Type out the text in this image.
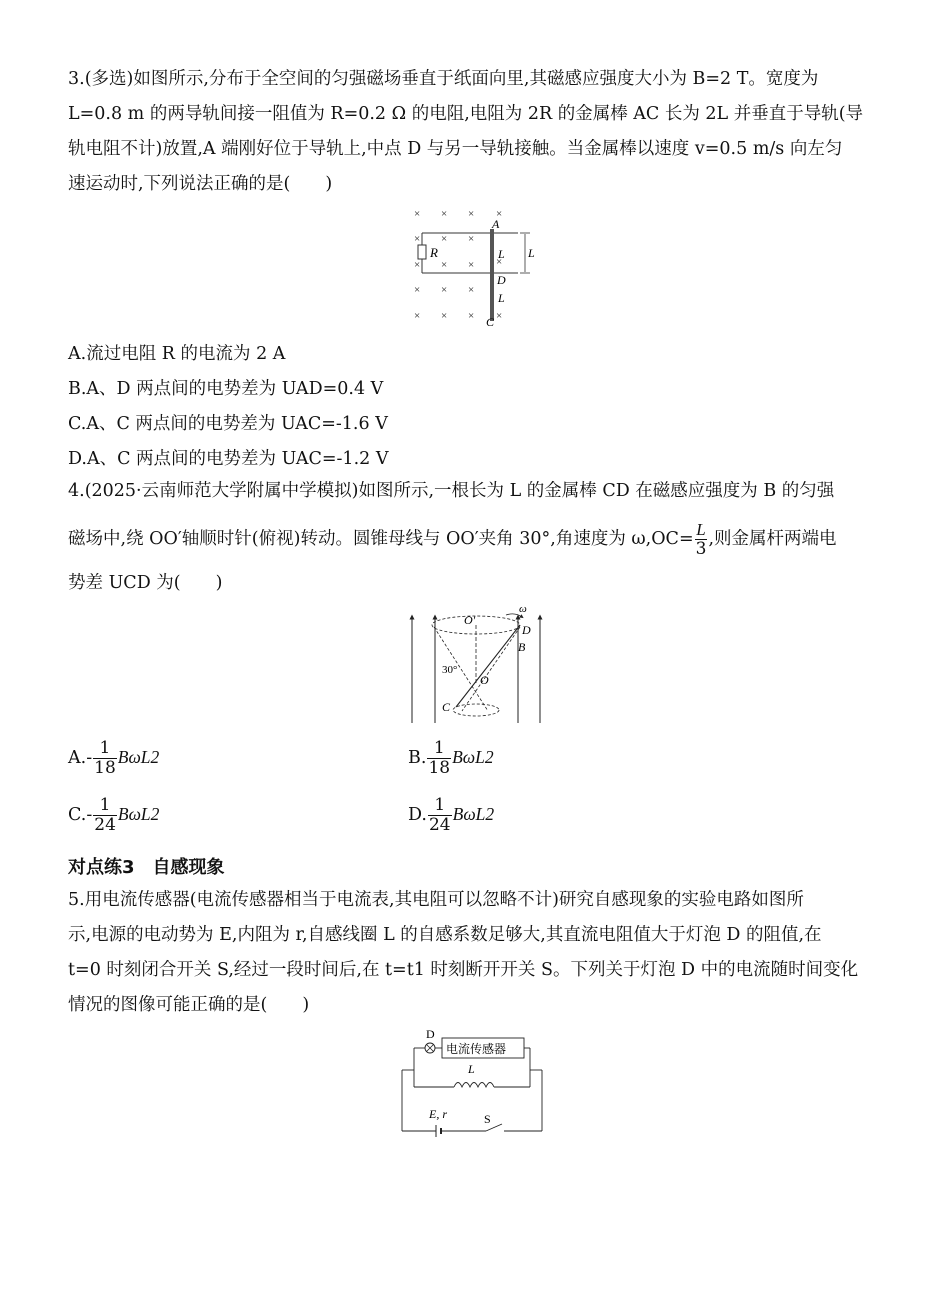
3.(多选)如图所示,分布于全空间的匀强磁场垂直于纸面向里,其磁感应强度大小为 B=2 T。宽度为
L=0.8 m 的两导轨间接一阻值为 R=0.2 Ω 的电阻,电阻为 2R 的金属棒 AC 长为 2L 并垂直于导轨(导
轨电阻不计)放置,A 端刚好位于导轨上,中点 D 与另一导轨接触。当金属棒以速度 v=0.5 m/s 向左匀
速运动时,下列说法正确的是(　　)
× × × ×
× × ×
× × × ×
× × ×
× × × ×
R
A
L
D
L
C
L
A.流过电阻 R 的电流为 2 A
B.A、D 两点间的电势差为 UAD=0.4 V
C.A、C 两点间的电势差为 UAC=-1.6 V
D.A、C 两点间的电势差为 UAC=-1.2 V
4.(2025·云南师范大学附属中学模拟)如图所示,一根长为 L 的金属棒 CD 在磁感应强度为 B 的匀强
磁场中,绕 OO′轴顺时针(俯视)转动。圆锥母线与 OO′夹角 30°,角速度为 $\omega,OC= \frac{L}{3}$ ,则金属杆两端电
势差 UCD 为(　　)
O′
D
ω
B
30°
O
C
$A.- \frac{1}{18} B\omega L2$	B. $\frac{1}{18} B\omega L2$
$C.- \frac{1}{24} B\omega L2$	D. $\frac{1}{24} B\omega L2$
对点练3　自感现象
5.用电流传感器(电流传感器相当于电流表,其电阻可以忽略不计)研究自感现象的实验电路如图所
示,电源的电动势为 E,内阻为 r,自感线圈 L 的自感系数足够大,其直流电阻值大于灯泡 D 的阻值,在
t=0 时刻闭合开关 S,经过一段时间后,在 t=t1 时刻断开开关 S。下列关于灯泡 D 中的电流随时间变化
情况的图像可能正确的是(　　)
D
电流传感器
L
E, r	S
